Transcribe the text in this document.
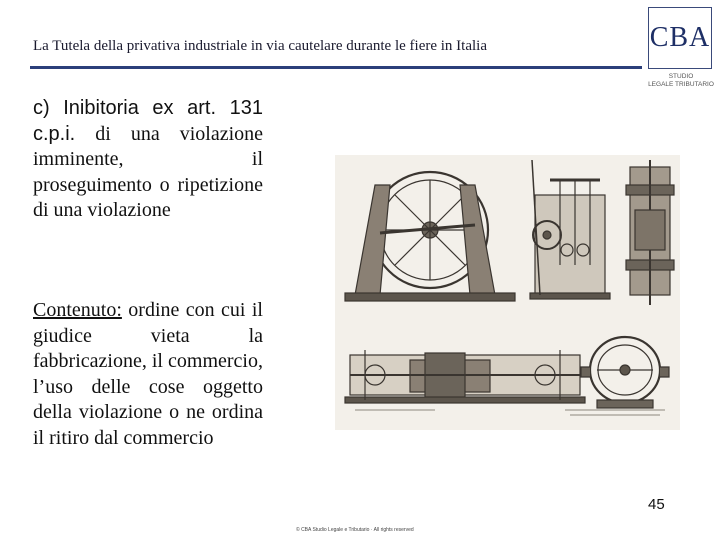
La Tutela della privativa industriale in via cautelare durante le fiere in Italia	CBA
STUDIO
LEGALE TRIBUTARIO
c) Inibitoria ex art. 131 c.p.i. di una violazione imminente, il proseguimento o ripetizione di una violazione
Contenuto: ordine con cui il giudice vieta la fabbricazione, il commercio, l’uso delle cose oggetto della violazione o ne ordina il ritiro dal commercio
45
© CBA Studio Legale e Tributario · All rights reserved
